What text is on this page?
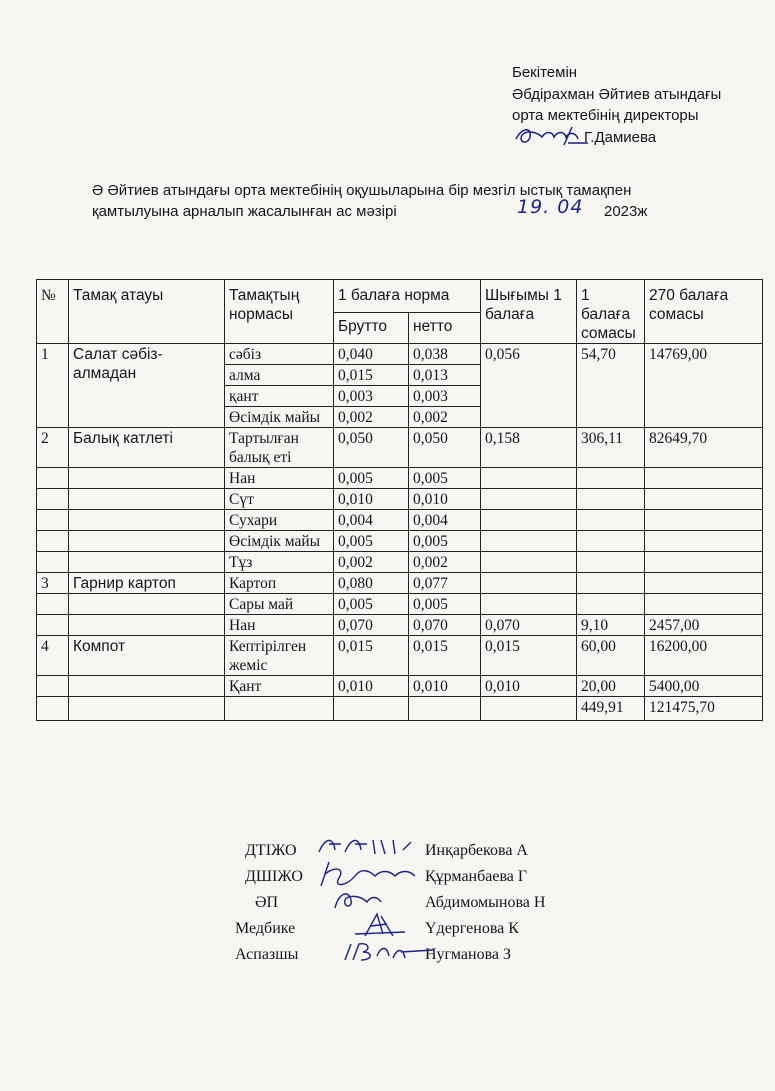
Бекітемін
Әбдірахман Әйтиев атындағы
орта мектебінің директоры
Г.Дамиева
Ә Әйтиев атындағы орта мектебінің оқушыларына бір мезгіл ыстық тамақпен
қамтылуына арналып жасалынған ас мәзірі	19. 04 2023ж
№	Тамақ атауы	Тамақтың нормасы	1 балаға норма		Шығымы 1 балаға	1 балаға сомасы	270 балаға сомасы
			Брутто	нетто			
1	Салат сәбіз-алмадан	сәбіз	0,040	0,038	0,056	54,70	14769,00
		алма	0,015	0,013			
		қант	0,003	0,003			
		Өсімдік майы	0,002	0,002			
2	Балық катлеті	Тартылған балық еті	0,050	0,050	0,158	306,11	82649,70
		Нан	0,005	0,005			
		Сүт	0,010	0,010			
		Сухари	0,004	0,004			
		Өсімдік майы	0,005	0,005			
		Тұз	0,002	0,002			
3	Гарнир картоп	Картоп	0,080	0,077			
		Сары май	0,005	0,005			
		Нан	0,070	0,070	0,070	9,10	2457,00
4	Компот	Кептірілген жеміс	0,015	0,015	0,015	60,00	16200,00
		Қант	0,010	0,010	0,010	20,00	5400,00
						449,91	121475,70
ДТІЖО	Инқарбекова А
ДШІЖО	Құрманбаева Г
ӘП	Абдимомынова Н
Медбике	Үдергенова К
Аспазшы	Нугманова З
